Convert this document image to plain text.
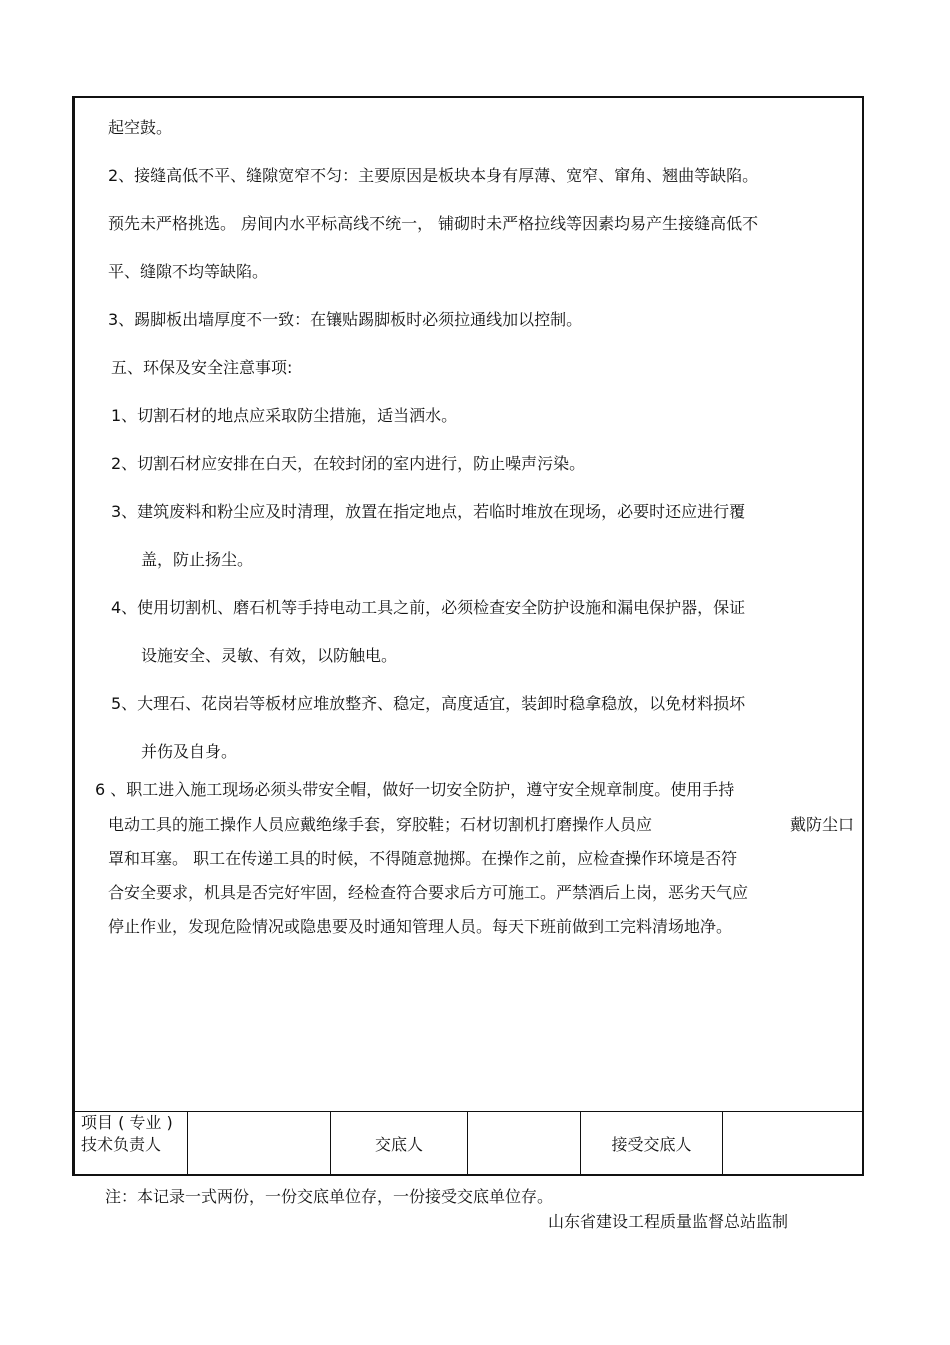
起空鼓。
2、接缝高低不平、缝隙宽窄不匀：主要原因是板块本身有厚薄、宽窄、窜角、翘曲等缺陷。
预先未严格挑选。 房间内水平标高线不统一， 铺砌时未严格拉线等因素均易产生接缝高低不
平、缝隙不均等缺陷。
3、踢脚板出墙厚度不一致：在镶贴踢脚板时必须拉通线加以控制。
五、环保及安全注意事项:
1、切割石材的地点应采取防尘措施，适当洒水。
2、切割石材应安排在白天，在较封闭的室内进行，防止噪声污染。
3、建筑废料和粉尘应及时清理，放置在指定地点，若临时堆放在现场，必要时还应进行覆
盖，防止扬尘。
4、使用切割机、磨石机等手持电动工具之前，必须检查安全防护设施和漏电保护器，保证
设施安全、灵敏、有效，以防触电。
5、大理石、花岗岩等板材应堆放整齐、稳定，高度适宜，装卸时稳拿稳放，以免材料损坏
并伤及自身。
6 、职工进入施工现场必须头带安全帽，做好一切安全防护，遵守安全规章制度。使用手持
电动工具的施工操作人员应戴绝缘手套，穿胶鞋；石材切割机打磨操作人员应	戴防尘口
罩和耳塞。 职工在传递工具的时候，不得随意抛掷。在操作之前，应检查操作环境是否符
合安全要求，机具是否完好牢固，经检查符合要求后方可施工。严禁酒后上岗，恶劣天气应
停止作业，发现危险情况或隐患要及时通知管理人员。每天下班前做到工完料清场地净。
项目 ( 专业 )
技术负责人	交底人	接受交底人
注：本记录一式两份，一份交底单位存，一份接受交底单位存。
山东省建设工程质量监督总站监制
